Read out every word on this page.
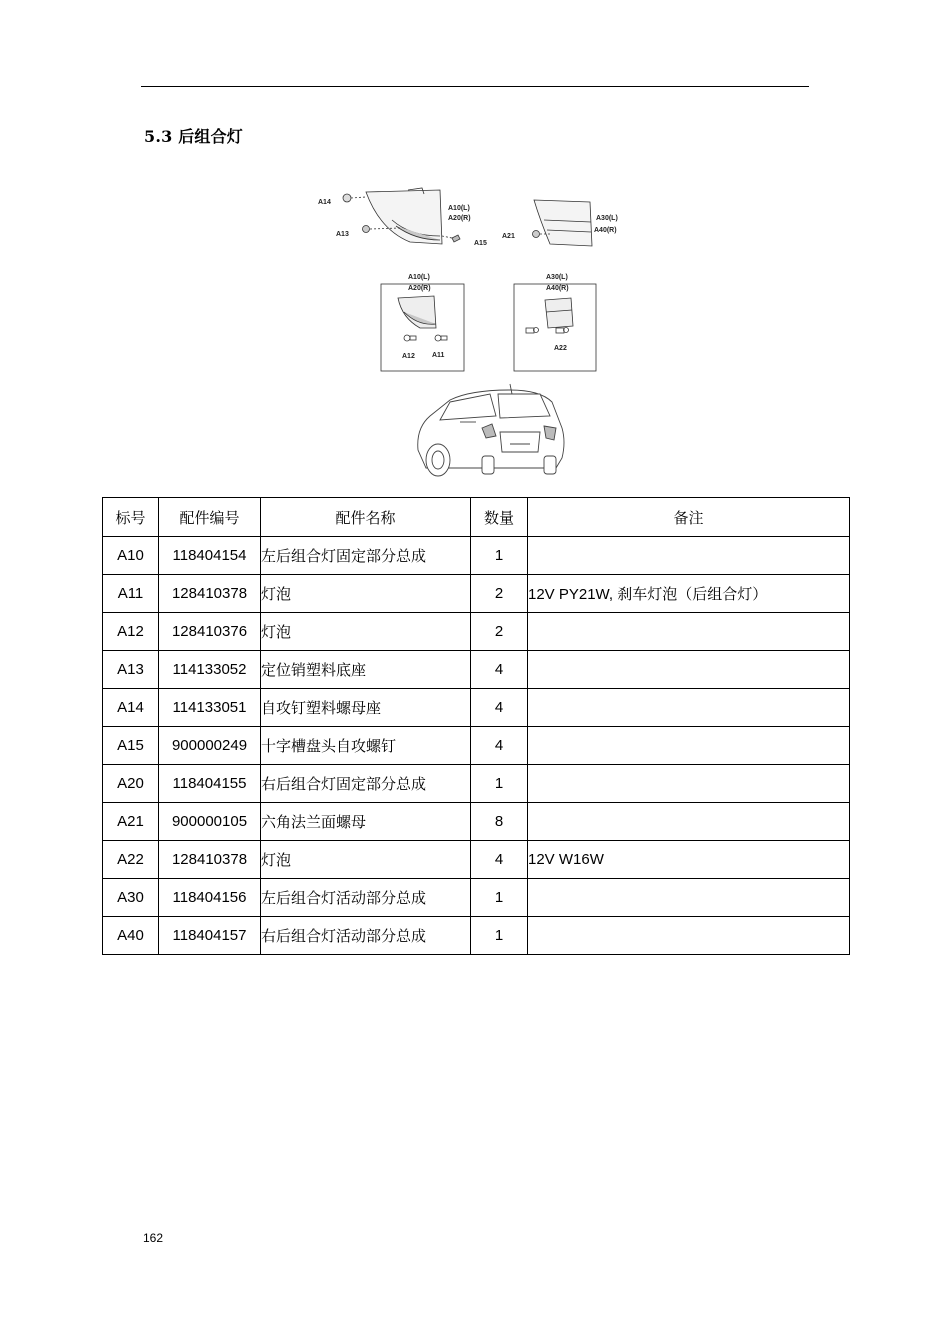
5.3 后组合灯
A14
A13
A15
A10(L)
A20(R)
A21
A30(L)
A40(R)
A10(L)
A20(R)
A12 A11
A30(L)
A40(R)
A22
标号	配件编号	配件名称	数量	备注
A10	118404154	左后组合灯固定部分总成	1	
A11	128410378	灯泡	2	12V PY21W, 刹车灯泡（后组合灯）
A12	128410376	灯泡	2	
A13	114133052	定位销塑料底座	4	
A14	114133051	自攻钉塑料螺母座	4	
A15	900000249	十字槽盘头自攻螺钉	4	
A20	118404155	右后组合灯固定部分总成	1	
A21	900000105	六角法兰面螺母	8	
A22	128410378	灯泡	4	12V W16W
A30	118404156	左后组合灯活动部分总成	1	
A40	118404157	右后组合灯活动部分总成	1	
162
